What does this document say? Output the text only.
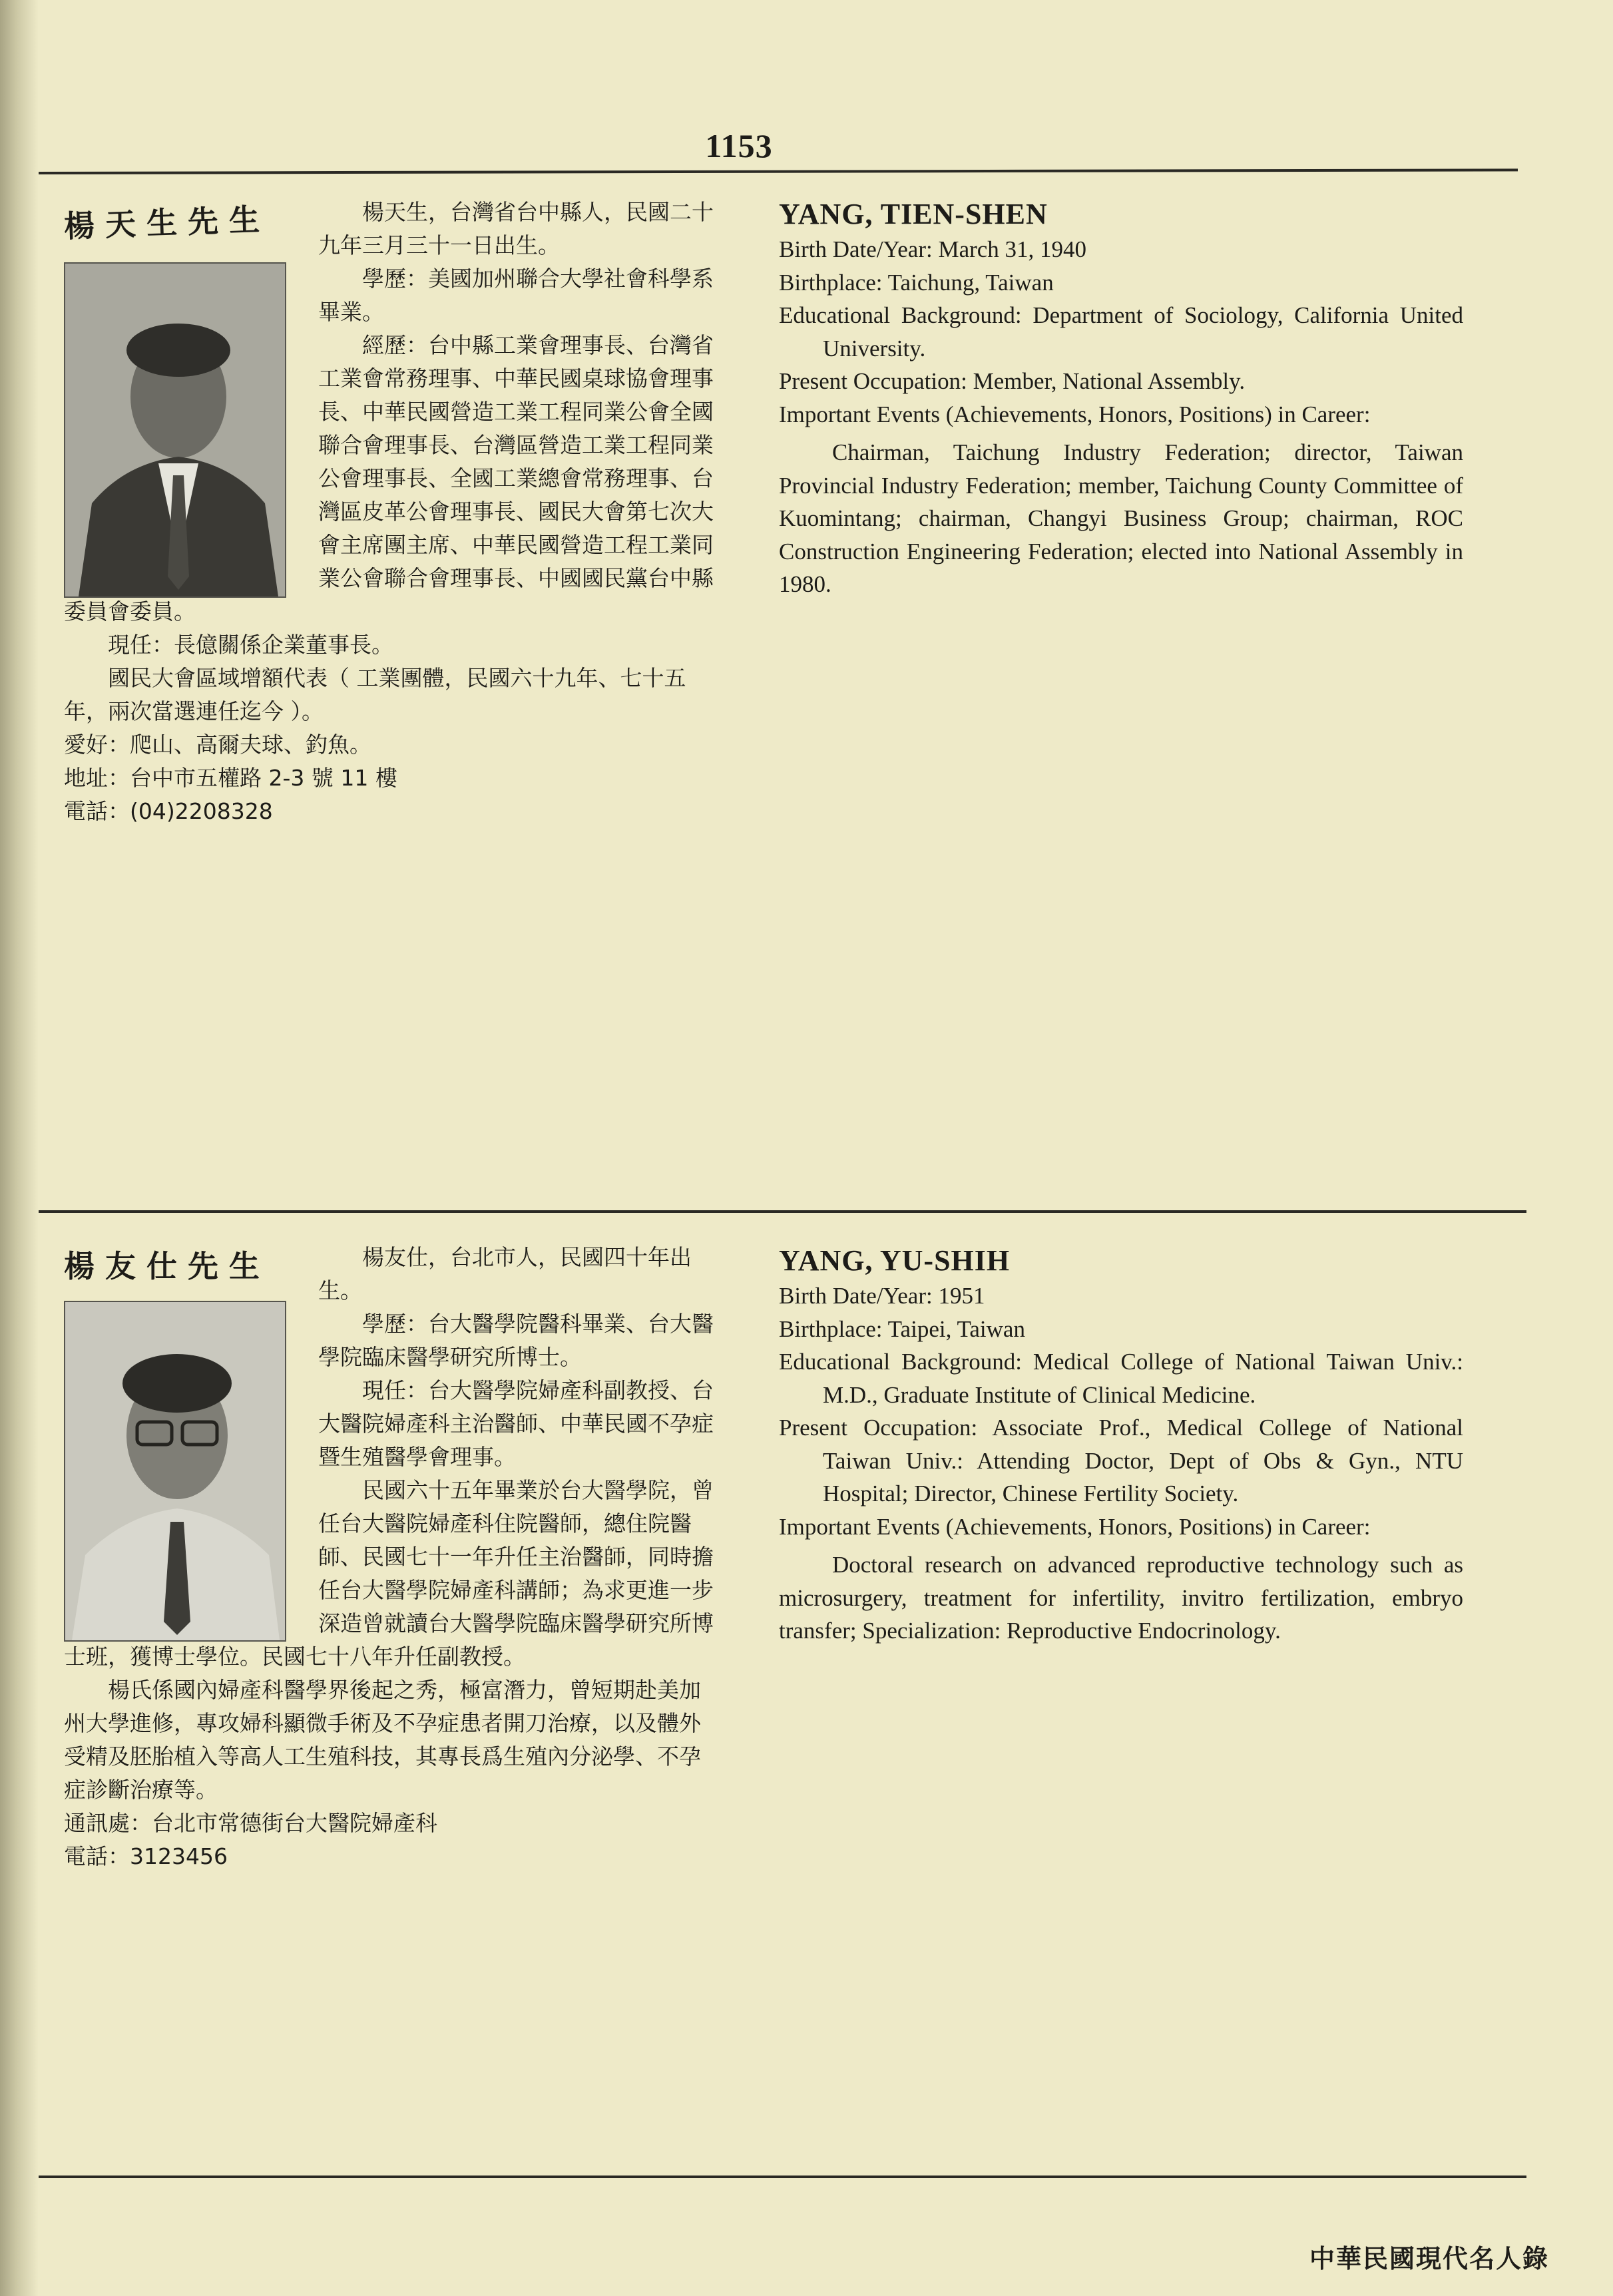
1153
楊天生先生	楊天生，台灣省台中縣人，民國二十九年三月三十一日出生。

學歷：美國加州聯合大學社會科學系畢業。

經歷：台中縣工業會理事長、台灣省工業會常務理事、中華民國桌球協會理事長、中華民國營造工業工程同業公會全國聯合會理事長、台灣區營造工業工程同業公會理事長、全國工業總會常務理事、台灣區皮革公會理事長、國民大會第七次大會主席團主席、中華民國營造工程工業同業公會聯合會理事長、中國國民黨台中縣委員會委員。

現任：長億關係企業董事長。

國民大會區域增額代表（ 工業團體，民國六十九年、七十五年，兩次當選連任迄今 ）。

愛好：爬山、高爾夫球、釣魚。

地址：台中市五權路 2-3 號 11 樓

電話：(04)2208328

YANG, TIEN-SHEN

Birth Date/Year: March 31, 1940

Birthplace: Taichung, Taiwan

Educational Background: Department of Sociology, California United University.

Present Occupation: Member, National Assembly.

Important Events (Achievements, Honors, Positions) in Career:

Chairman, Taichung Industry Federation; director, Taiwan Provincial Industry Federation; member, Taichung County Committee of Kuomintang; chairman, Changyi Business Group; chairman, ROC Construction Engineering Federation; elected into National Assembly in 1980.

楊友仕先生	楊友仕，台北市人，民國四十年出生。

學歷：台大醫學院醫科畢業、台大醫學院臨床醫學研究所博士。

現任：台大醫學院婦產科副教授、台大醫院婦產科主治醫師、中華民國不孕症暨生殖醫學會理事。

民國六十五年畢業於台大醫學院，曾任台大醫院婦產科住院醫師，總住院醫師、民國七十一年升任主治醫師，同時擔任台大醫學院婦產科講師；為求更進一步深造曾就讀台大醫學院臨床醫學研究所博士班，獲博士學位。民國七十八年升任副教授。

楊氏係國內婦產科醫學界後起之秀，極富潛力，曾短期赴美加州大學進修，專攻婦科顯微手術及不孕症患者開刀治療，以及體外受精及胚胎植入等高人工生殖科技，其專長爲生殖內分泌學、不孕症診斷治療等。

通訊處：台北市常德街台大醫院婦產科

電話：3123456

YANG, YU-SHIH

Birth Date/Year: 1951

Birthplace: Taipei, Taiwan

Educational Background: Medical College of National Taiwan Univ.: M.D., Graduate Institute of Clinical Medicine.

Present Occupation: Associate Prof., Medical College of National Taiwan Univ.: Attending Doctor, Dept of Obs & Gyn., NTU Hospital; Director, Chinese Fertility Society.

Important Events (Achievements, Honors, Positions) in Career:

Doctoral research on advanced reproductive technology such as microsurgery, treatment for infertility, invitro fertilization, embryo transfer; Specialization: Reproductive Endocrinology.

中華民國現代名人錄
